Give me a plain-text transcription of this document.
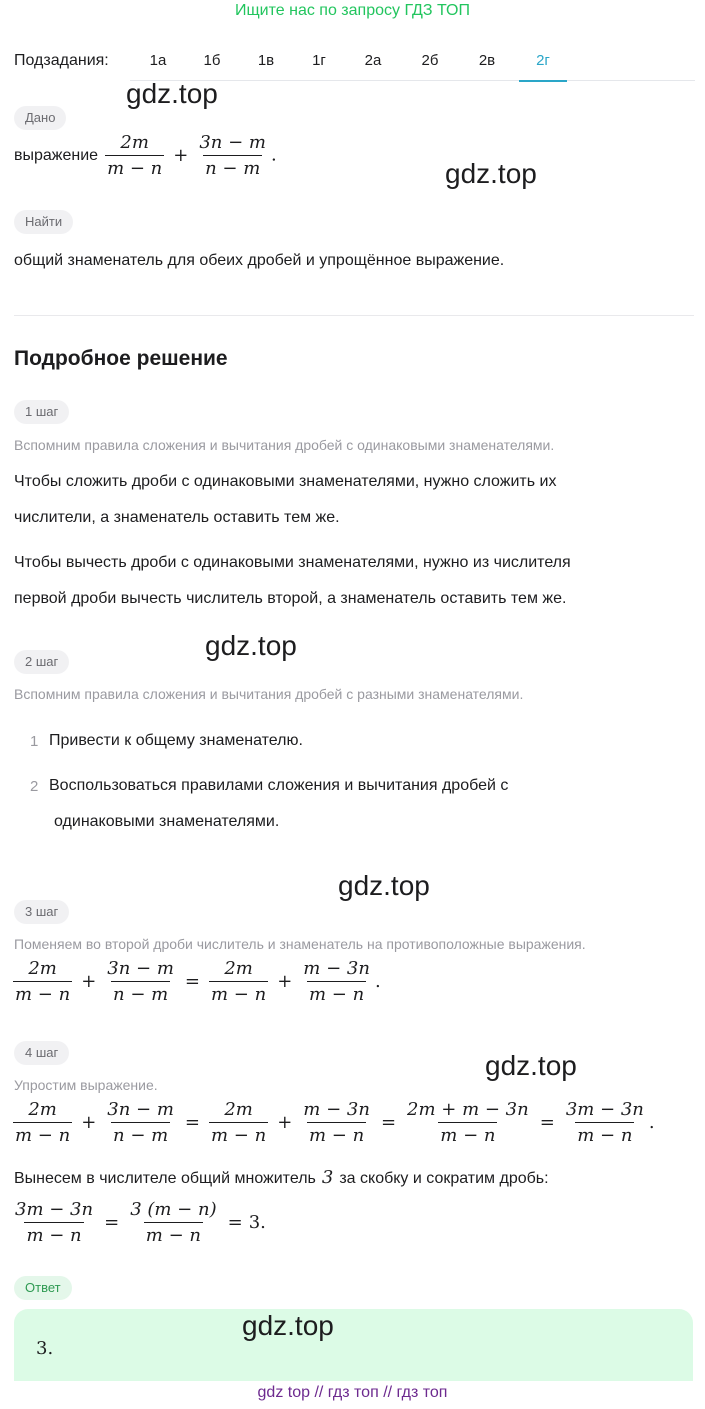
Ищите нас по запросу ГДЗ ТОП
Подзадания:	1а	1б	1в	1г	2а	2б	2в	2г
gdz.top
gdz.top
gdz.top
gdz.top
gdz.top
gdz.top
Дано
выражение $\frac{2m}{m - n} + \frac{3n - m}{n - m}$ .
Найти
общий знаменатель для обеих дробей и упрощённое выражение.
Подробное решение
1 шаг
Вспомним правила сложения и вычитания дробей с одинаковыми знаменателями.
Чтобы сложить дроби с одинаковыми знаменателями, нужно сложить их
числители, а знаменатель оставить тем же.
Чтобы вычесть дроби с одинаковыми знаменателями, нужно из числителя
первой дроби вычесть числитель второй, а знаменатель оставить тем же.
2 шаг
Вспомним правила сложения и вычитания дробей с разными знаменателями.
1 Привести к общему знаменателю.
2 Воспользоваться правилами сложения и вычитания дробей с
одинаковыми знаменателями.
3 шаг
Поменяем во второй дроби числитель и знаменатель на противоположные выражения.
$\frac{2m}{m - n} + \frac{3n - m}{n - m} = \frac{2m}{m - n} + \frac{m - 3n}{m - n}$ .
4 шаг
Упростим выражение.
$\frac{2m}{m - n} + \frac{3n - m}{n - m} = \frac{2m}{m - n} + \frac{m - 3n}{m - n} = \frac{2m + m - 3n}{m - n} = \frac{3m - 3n}{m - n}$ .
Вынесем в числителе общий множитель 3 за скобку и сократим дробь:
$\frac{3m - 3n}{m - n} = \frac{3 (m - n)}{m - n} = 3$ .
Ответ
3.
gdz top // гдз топ // гдз топ
